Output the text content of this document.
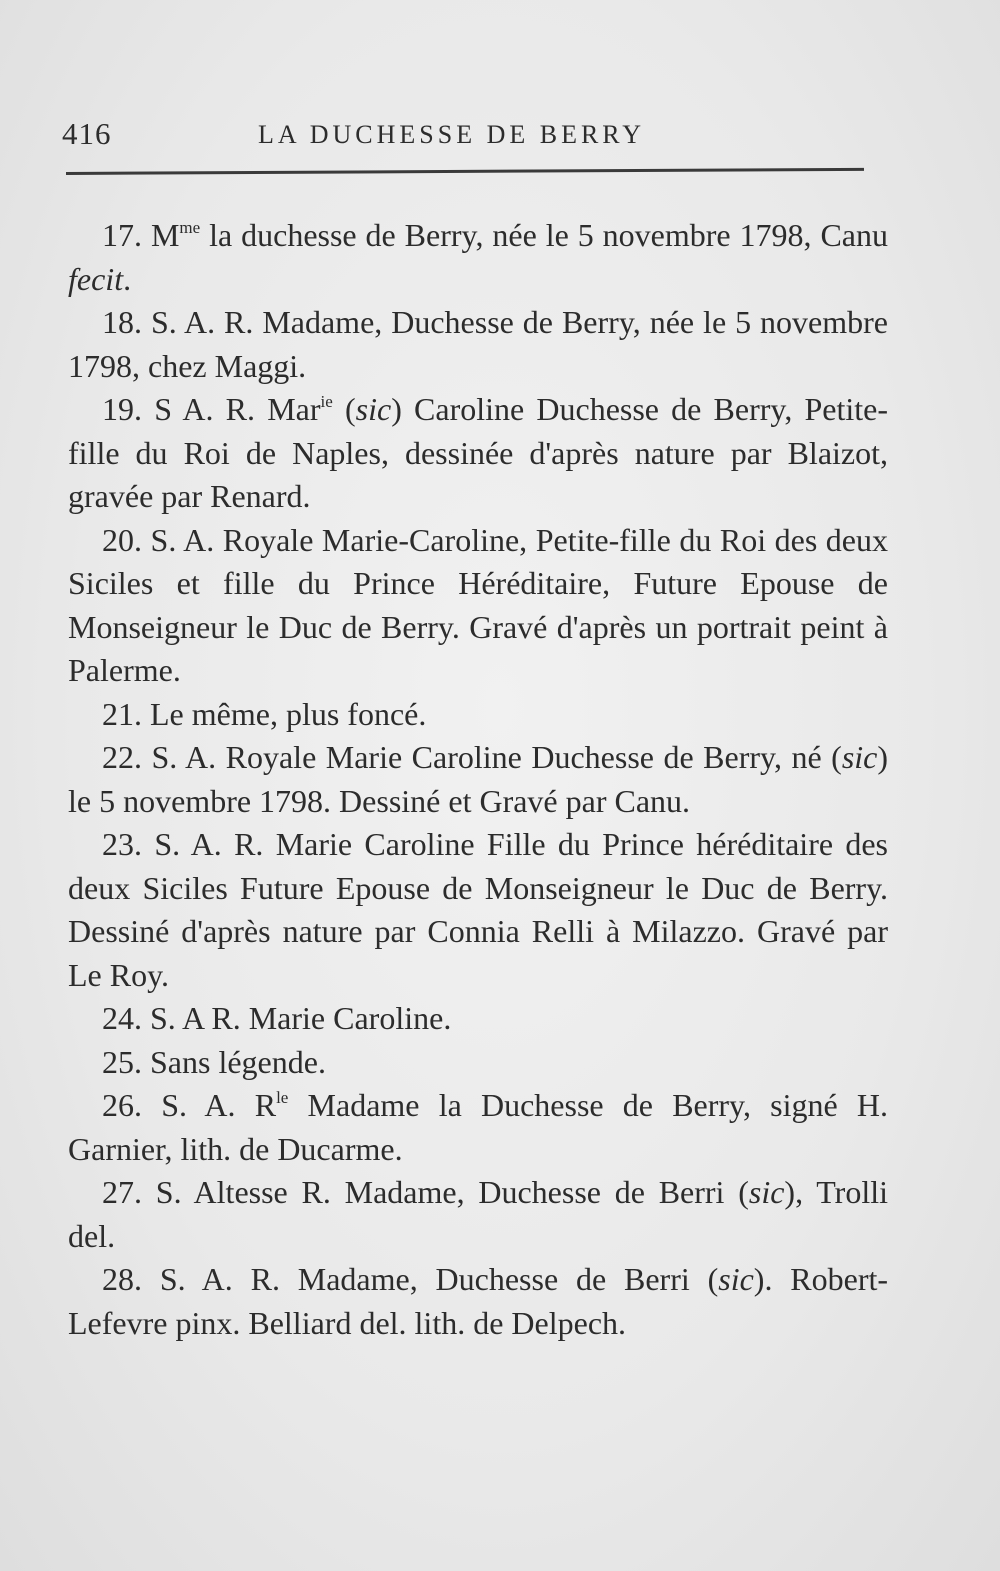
416	LA DUCHESSE DE BERRY

17. $M^{me}$ la duchesse de Berry, née le 5 novembre 1798, Canu fecit.

18. S. A. R. Madame, Duchesse de Berry, née le 5 novembre 1798, chez Maggi.

19. S A. R. Mar$^{ie}$ (sic) Caroline Duchesse de Berry, Petite-fille du Roi de Naples, dessinée d'après nature par Blaizot, gravée par Renard.

20. S. A. Royale Marie-Caroline, Petite-fille du Roi des deux Siciles et fille du Prince Héréditaire, Future Epouse de Monseigneur le Duc de Berry. Gravé d'après un portrait peint à Palerme.

21. Le même, plus foncé.

22. S. A. Royale Marie Caroline Duchesse de Berry, né (sic) le 5 novembre 1798. Dessiné et Gravé par Canu.

23. S. A. R. Marie Caroline Fille du Prince héréditaire des deux Siciles Future Epouse de Monseigneur le Duc de Berry. Dessiné d'après nature par Connia Relli à Milazzo. Gravé par Le Roy.

24. S. A R. Marie Caroline.

25. Sans légende.

26. S. A. $R^{le}$ Madame la Duchesse de Berry, signé H. Garnier, lith. de Ducarme.

27. S. Altesse R. Madame, Duchesse de Berri (sic), Trolli del.

28. S. A. R. Madame, Duchesse de Berri (sic). Robert-Lefevre pinx. Belliard del. lith. de Delpech.
